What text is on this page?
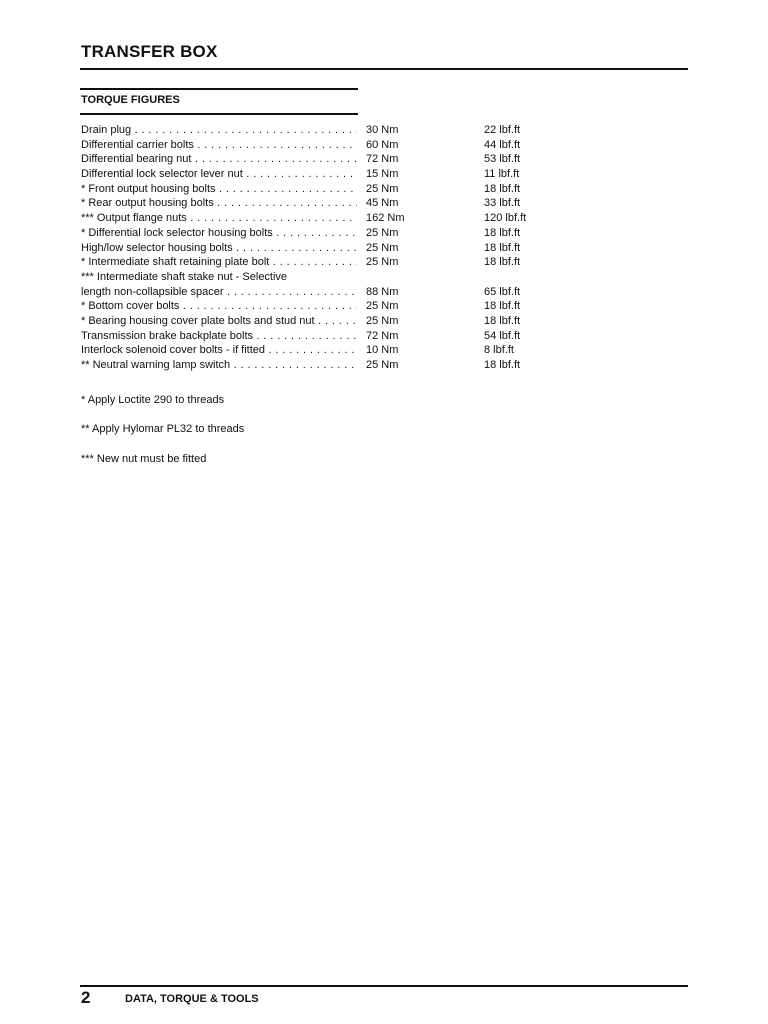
TRANSFER BOX
TORQUE FIGURES
Drain plug . . .	30 Nm	22 lbf.ft
Differential carrier bolts . . .	60 Nm	44 lbf.ft
Differential bearing nut . . .	72 Nm	53 lbf.ft
Differential lock selector lever nut . . .	15 Nm	11 lbf.ft
* Front output housing bolts . . .	25 Nm	18 lbf.ft
* Rear output housing bolts . . .	45 Nm	33 lbf.ft
*** Output flange nuts . . .	162 Nm	120 lbf.ft
* Differential lock selector housing bolts . . .	25 Nm	18 lbf.ft
High/low selector housing bolts . . .	25 Nm	18 lbf.ft
* Intermediate shaft retaining plate bolt . . .	25 Nm	18 lbf.ft
*** Intermediate shaft stake nut - Selective
length non-collapsible spacer . . .	88 Nm	65 lbf.ft
* Bottom cover bolts . . .	25 Nm	18 lbf.ft
* Bearing housing cover plate bolts and stud nut . . .	25 Nm	18 lbf.ft
Transmission brake backplate bolts . . .	72 Nm	54 lbf.ft
Interlock solenoid cover bolts - if fitted . . .	10 Nm	8 lbf.ft
** Neutral warning lamp switch . . .	25 Nm	18 lbf.ft
* Apply Loctite 290 to threads
** Apply Hylomar PL32 to threads
*** New nut must be fitted
2	DATA, TORQUE & TOOLS
